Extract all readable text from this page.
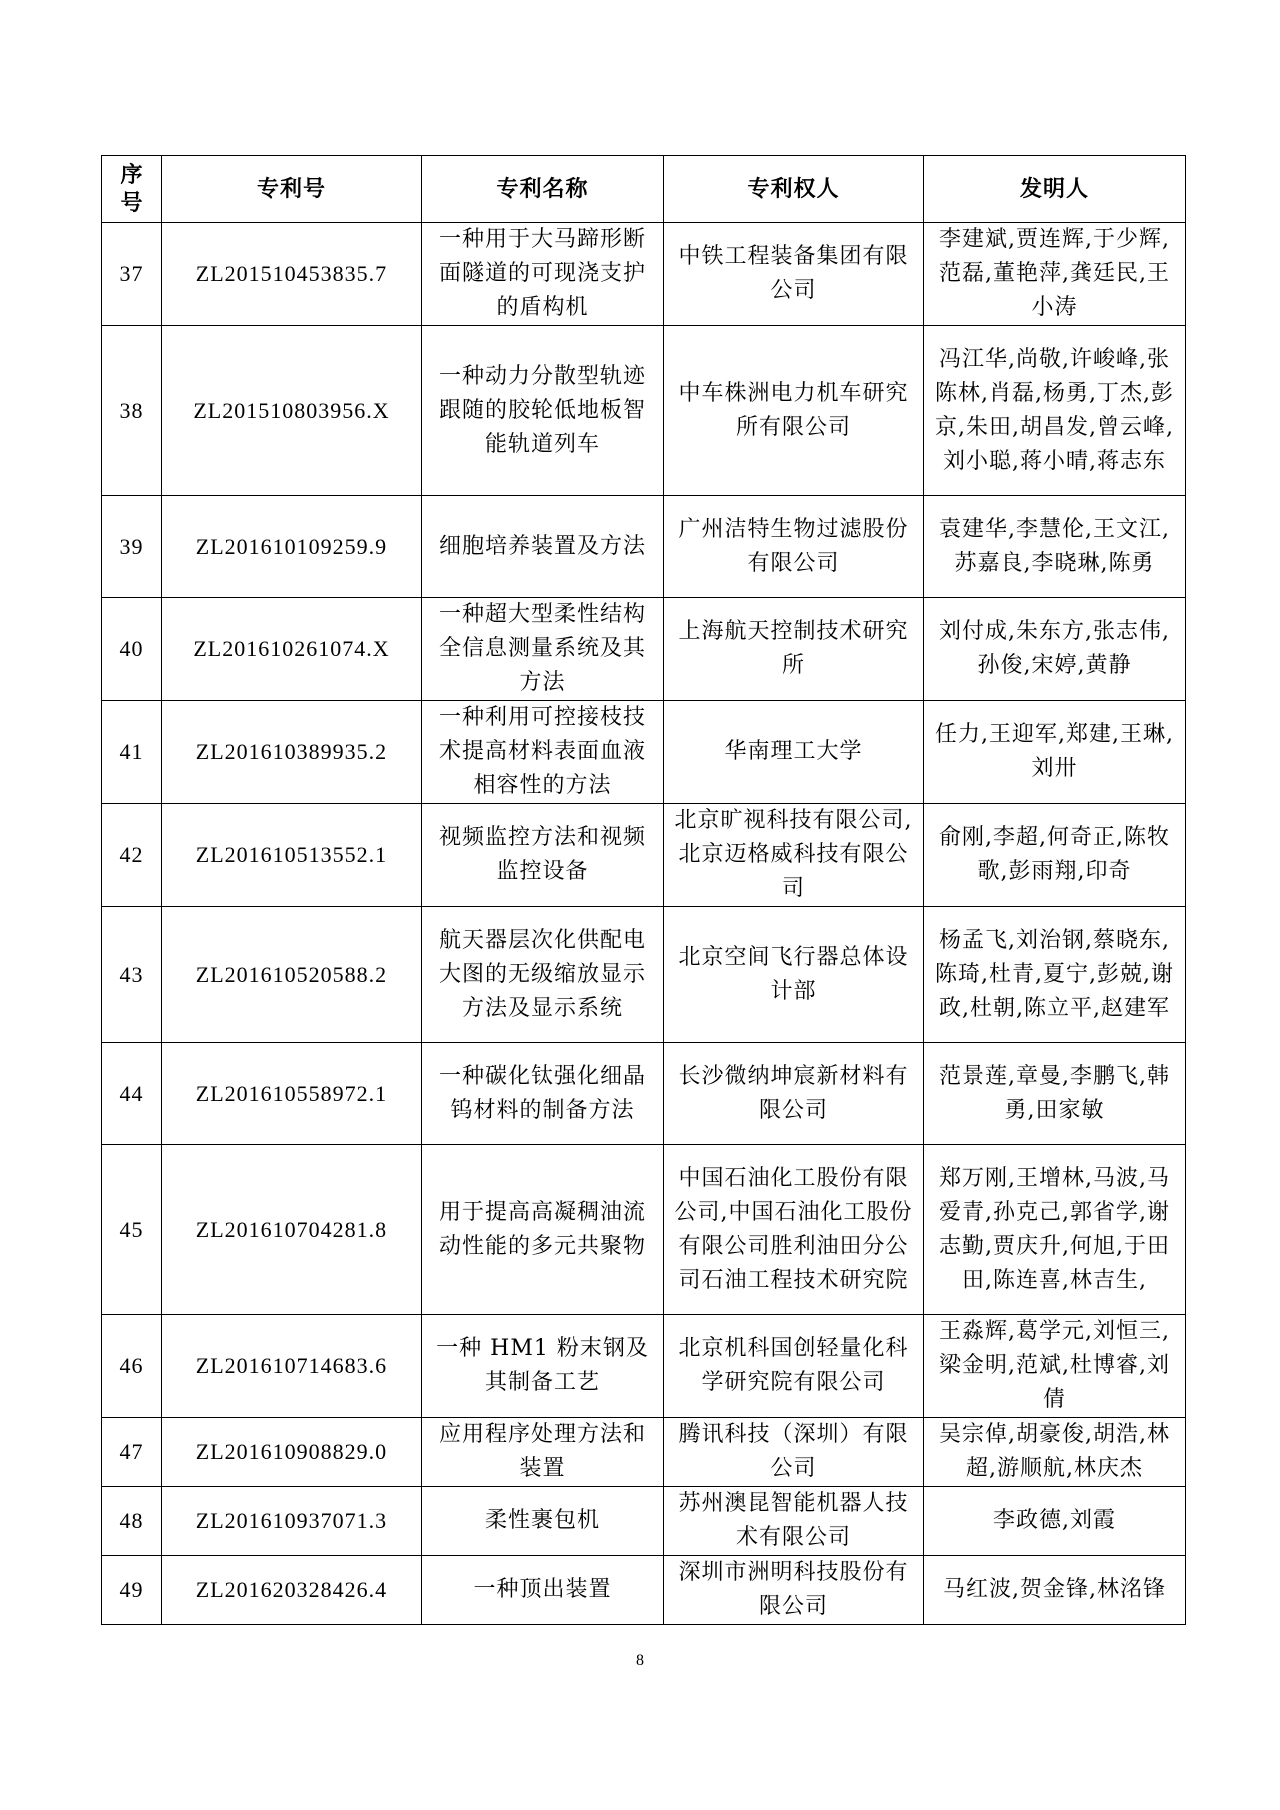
序号	专利号	专利名称	专利权人	发明人
37	ZL201510453835.7	一种用于大马蹄形断面隧道的可现浇支护的盾构机	中铁工程装备集团有限公司	李建斌,贾连辉,于少辉,范磊,董艳萍,龚廷民,王小涛
38	ZL201510803956.X	一种动力分散型轨迹跟随的胶轮低地板智能轨道列车	中车株洲电力机车研究所有限公司	冯江华,尚敬,许峻峰,张陈林,肖磊,杨勇,丁杰,彭京,朱田,胡昌发,曾云峰,刘小聪,蒋小晴,蒋志东
39	ZL201610109259.9	细胞培养装置及方法	广州洁特生物过滤股份有限公司	袁建华,李慧伦,王文江,苏嘉良,李晓琳,陈勇
40	ZL201610261074.X	一种超大型柔性结构全信息测量系统及其方法	上海航天控制技术研究所	刘付成,朱东方,张志伟,孙俊,宋婷,黄静
41	ZL201610389935.2	一种利用可控接枝技术提高材料表面血液相容性的方法	华南理工大学	任力,王迎军,郑建,王琳,刘卅
42	ZL201610513552.1	视频监控方法和视频监控设备	北京旷视科技有限公司,北京迈格威科技有限公司	俞刚,李超,何奇正,陈牧歌,彭雨翔,印奇
43	ZL201610520588.2	航天器层次化供配电大图的无级缩放显示方法及显示系统	北京空间飞行器总体设计部	杨孟飞,刘治钢,蔡晓东,陈琦,杜青,夏宁,彭兢,谢政,杜朝,陈立平,赵建军
44	ZL201610558972.1	一种碳化钛强化细晶钨材料的制备方法	长沙微纳坤宸新材料有限公司	范景莲,章曼,李鹏飞,韩勇,田家敏
45	ZL201610704281.8	用于提高高凝稠油流动性能的多元共聚物	中国石油化工股份有限公司,中国石油化工股份有限公司胜利油田分公司石油工程技术研究院	郑万刚,王增林,马波,马爱青,孙克己,郭省学,谢志勤,贾庆升,何旭,于田田,陈连喜,林吉生,
46	ZL201610714683.6	一种 HM1 粉末钢及其制备工艺	北京机科国创轻量化科学研究院有限公司	王淼辉,葛学元,刘恒三,梁金明,范斌,杜博睿,刘倩
47	ZL201610908829.0	应用程序处理方法和装置	腾讯科技（深圳）有限公司	吴宗倬,胡豪俊,胡浩,林超,游顺航,林庆杰
48	ZL201610937071.3	柔性裹包机	苏州澳昆智能机器人技术有限公司	李政德,刘霞
49	ZL201620328426.4	一种顶出装置	深圳市洲明科技股份有限公司	马红波,贺金锋,林洺锋
8
